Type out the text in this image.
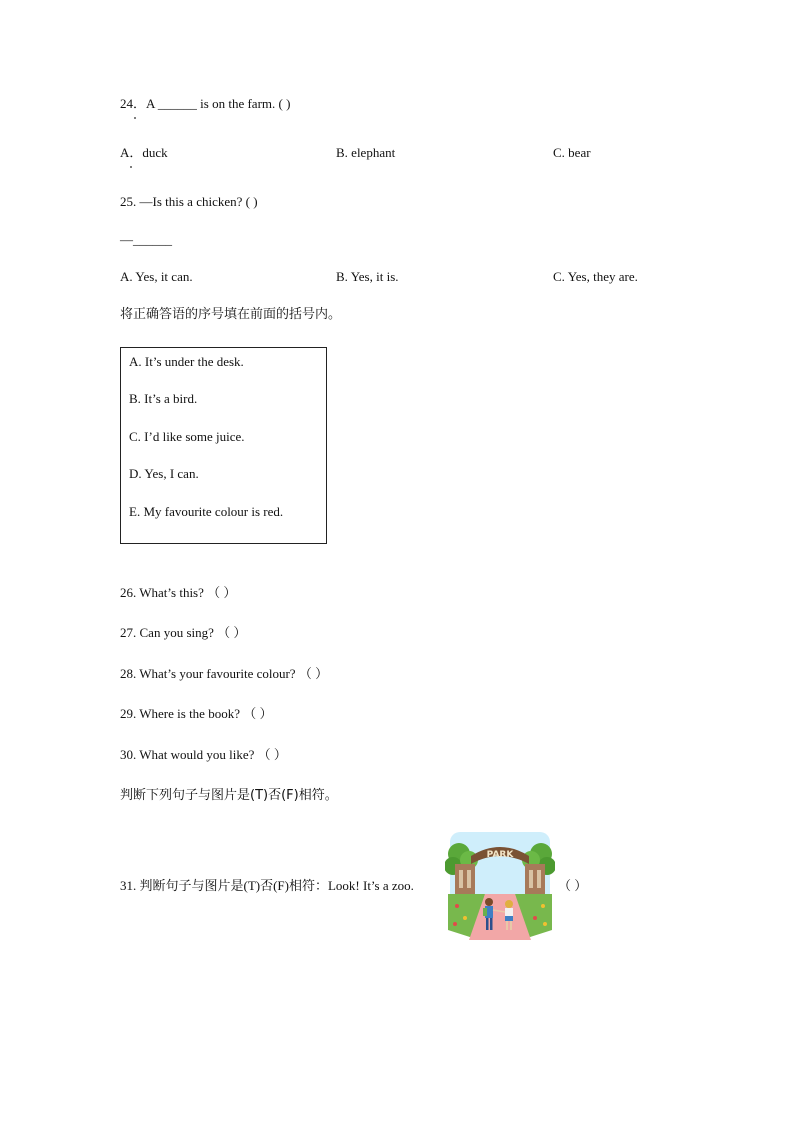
24．A ______ is on the farm. ( )
A．duck	B. elephant	C. bear
25. —Is this a chicken? ( )
—______
A. Yes, it can.	B. Yes, it is.	C. Yes, they are.
将正确答语的序号填在前面的括号内。
A. It’s under the desk.
B. It’s a bird.
C. I’d like some juice.
D. Yes, I can.
E. My favourite colour is red.
26. What’s this? （ ）
27. Can you sing? （ ）
28. What’s your favourite colour? （ ）
29. Where is the book? （ ）
30. What would you like? （ ）
判断下列句子与图片是(T)否(F)相符。
31. 判断句子与图片是(T)否(F)相符：Look! It’s a zoo.	（ ）
PARK
